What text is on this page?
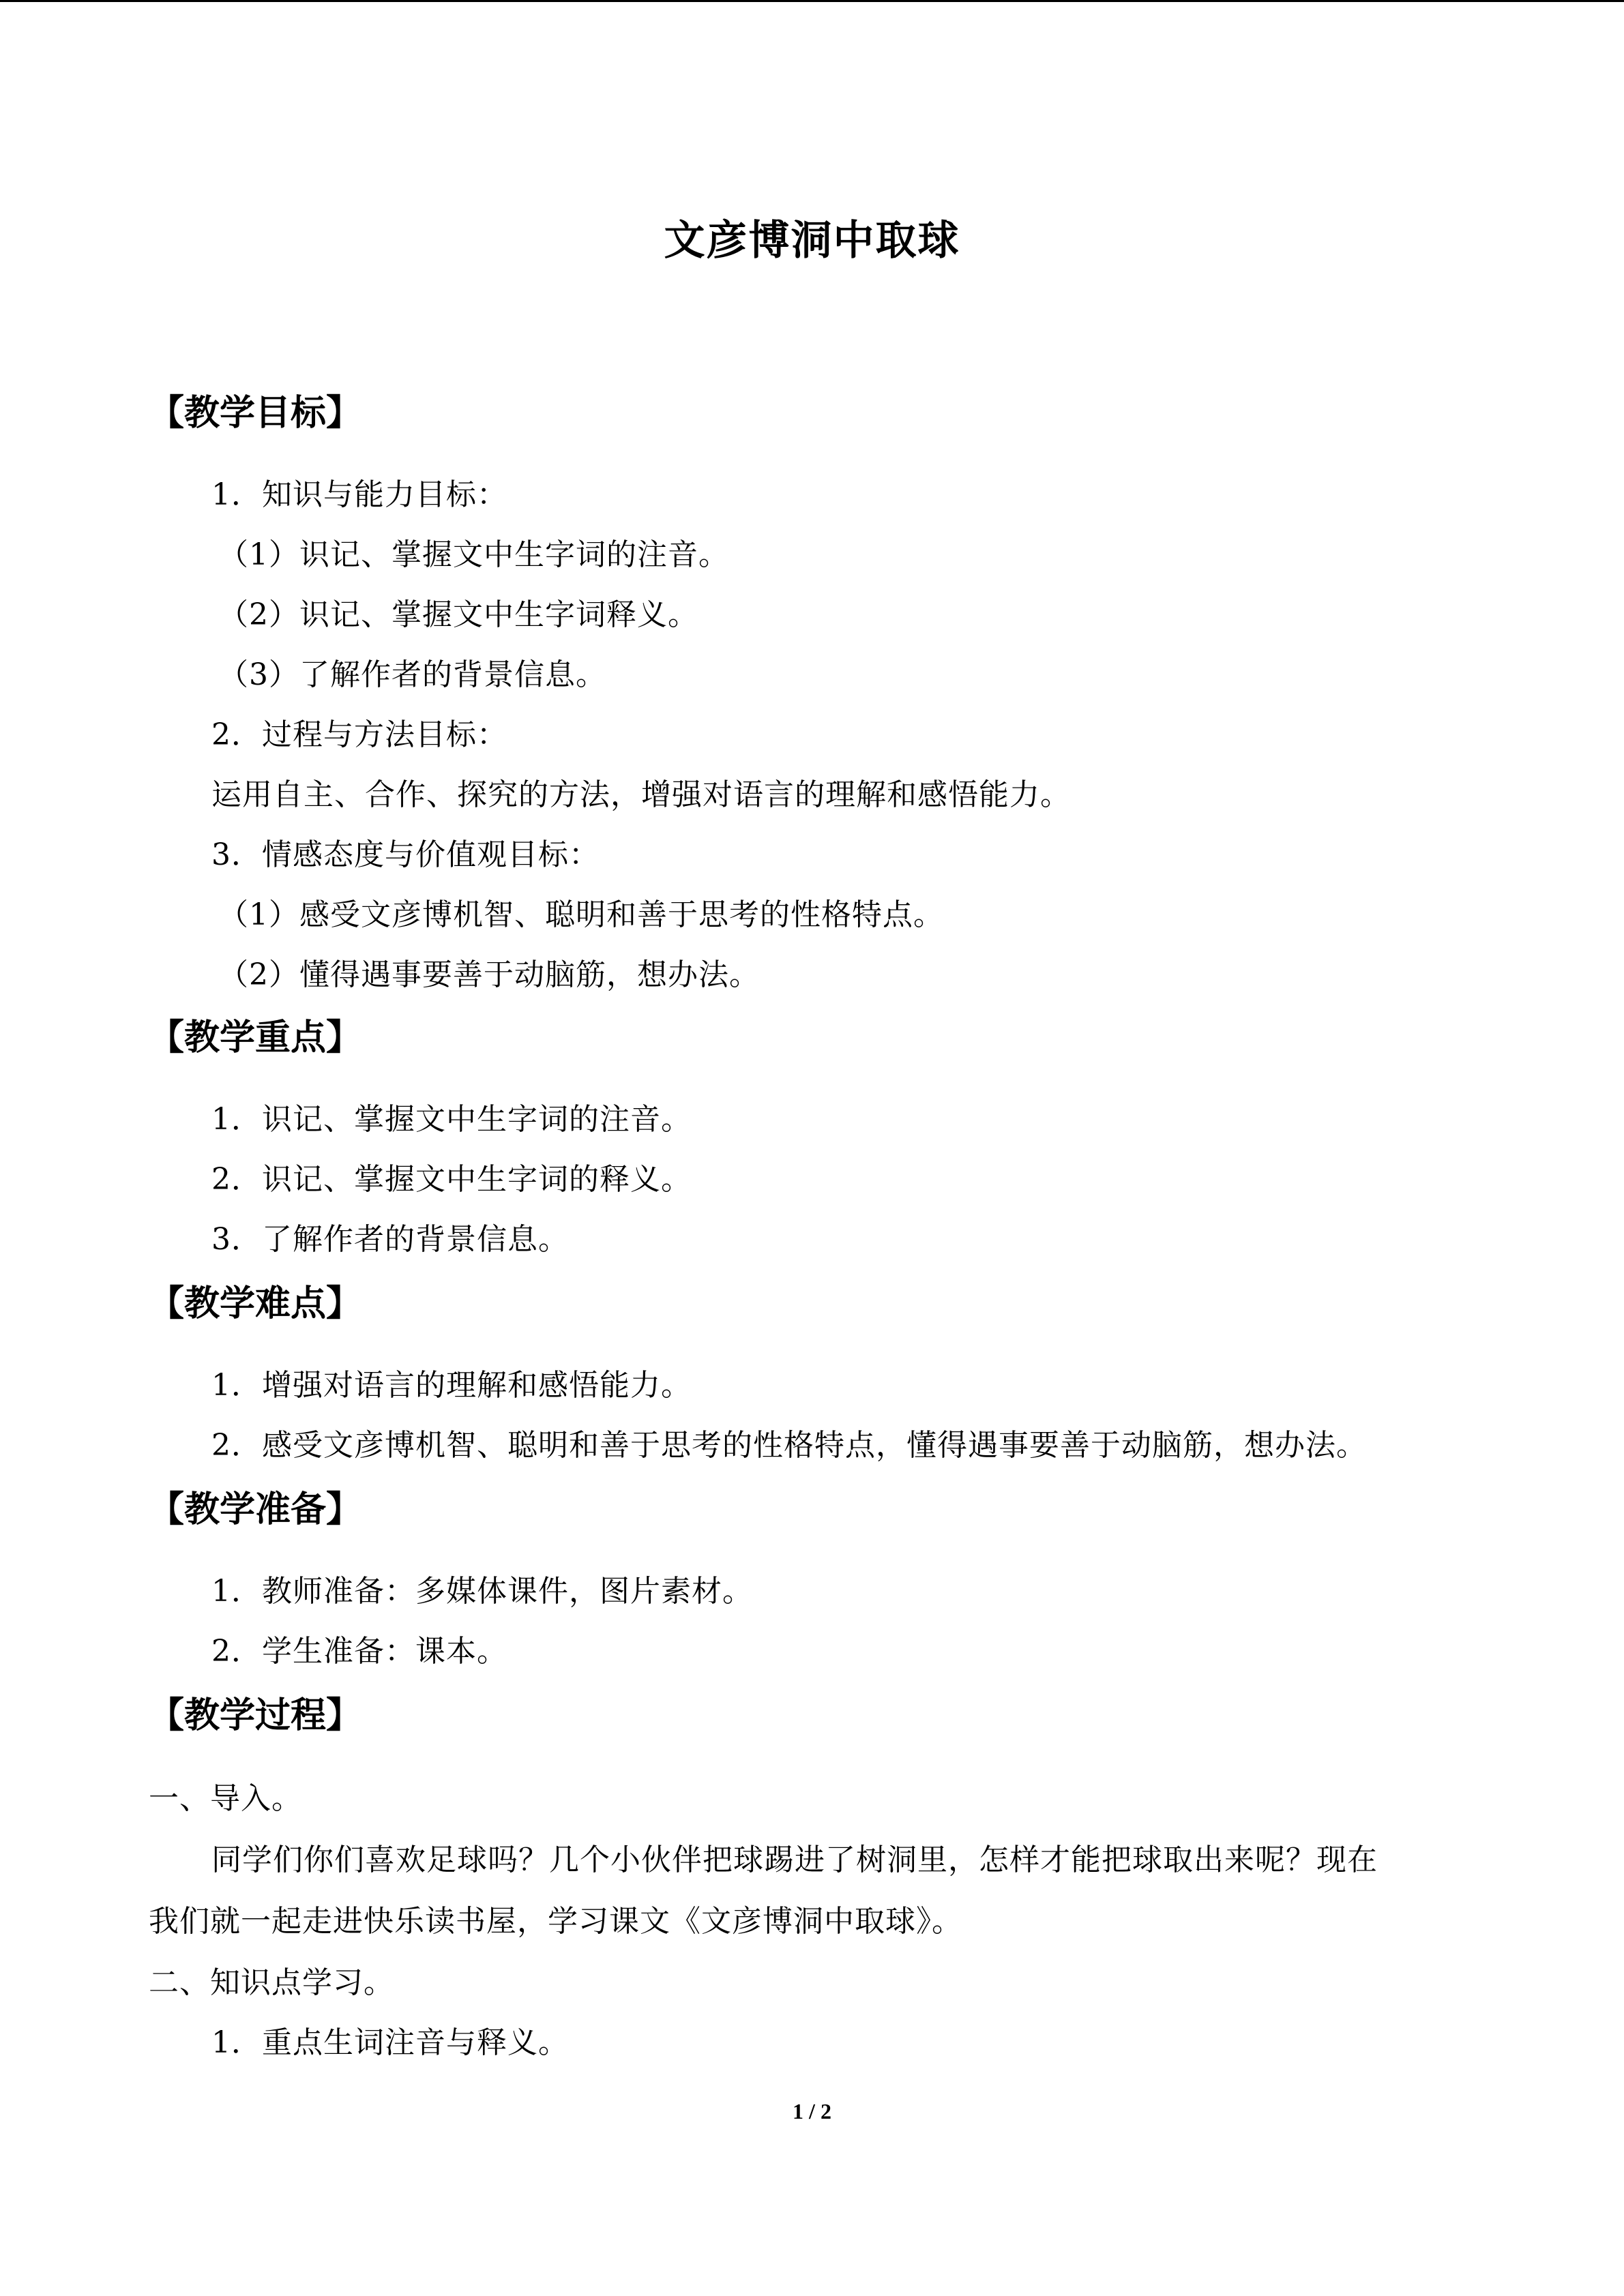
文彦博洞中取球
【教学目标】
1．知识与能力目标：
（1）识记、掌握文中生字词的注音。
（2）识记、掌握文中生字词释义。
（3）了解作者的背景信息。
2．过程与方法目标：
运用自主、合作、探究的方法，增强对语言的理解和感悟能力。
3．情感态度与价值观目标：
（1）感受文彦博机智、聪明和善于思考的性格特点。
（2）懂得遇事要善于动脑筋，想办法。
【教学重点】
1．识记、掌握文中生字词的注音。
2．识记、掌握文中生字词的释义。
3．了解作者的背景信息。
【教学难点】
1．增强对语言的理解和感悟能力。
2．感受文彦博机智、聪明和善于思考的性格特点，懂得遇事要善于动脑筋，想办法。
【教学准备】
1．教师准备：多媒体课件，图片素材。
2．学生准备：课本。
【教学过程】
一、导入。
同学们你们喜欢足球吗？几个小伙伴把球踢进了树洞里，怎样才能把球取出来呢？现在
我们就一起走进快乐读书屋，学习课文《文彦博洞中取球》。
二、知识点学习。
1．重点生词注音与释义。
1 / 2
